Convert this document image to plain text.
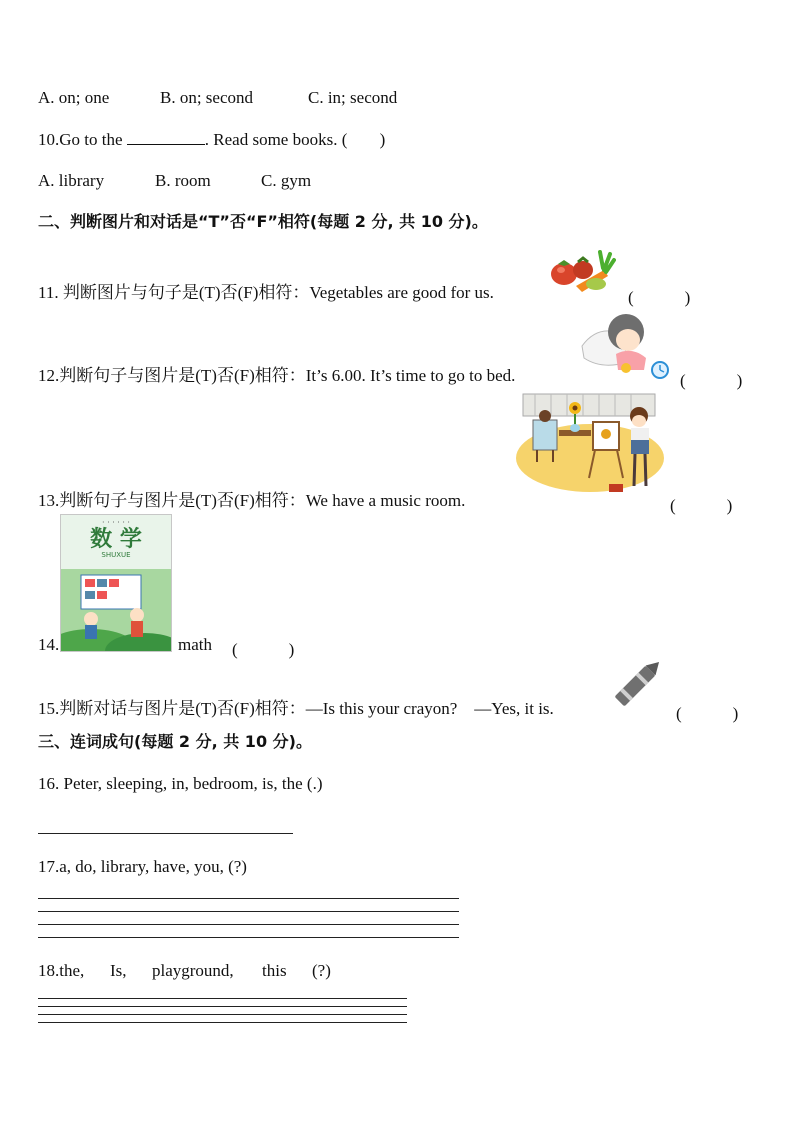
A. on; one	B. on; second	C. in; second
10.Go to the	. Read some books. ( )
A. library	B. room	C. gym
二、判断图片和对话是“T”否“F”相符(每题 2 分, 共 10 分)。
11. 判断图片与句子是(T)否(F)相符：Vegetables are good for us.	(　　　)
12.判断句子与图片是(T)否(F)相符：It’s 6.00. It’s time to go to bed.	(　　　)
13.判断句子与图片是(T)否(F)相符：We have a music room.	(　　　)
· · · · · ·
数 学
SHUXUE
14.	math (　　　)
15.判断对话与图片是(T)否(F)相符：—Is this your crayon?　—Yes, it is.	(　　　)
三、连词成句(每题 2 分, 共 10 分)。
16. Peter, sleeping, in, bedroom, is, the (.)
17.a, do, library, have, you, (?)
18.the, Is, playground, this (?)
